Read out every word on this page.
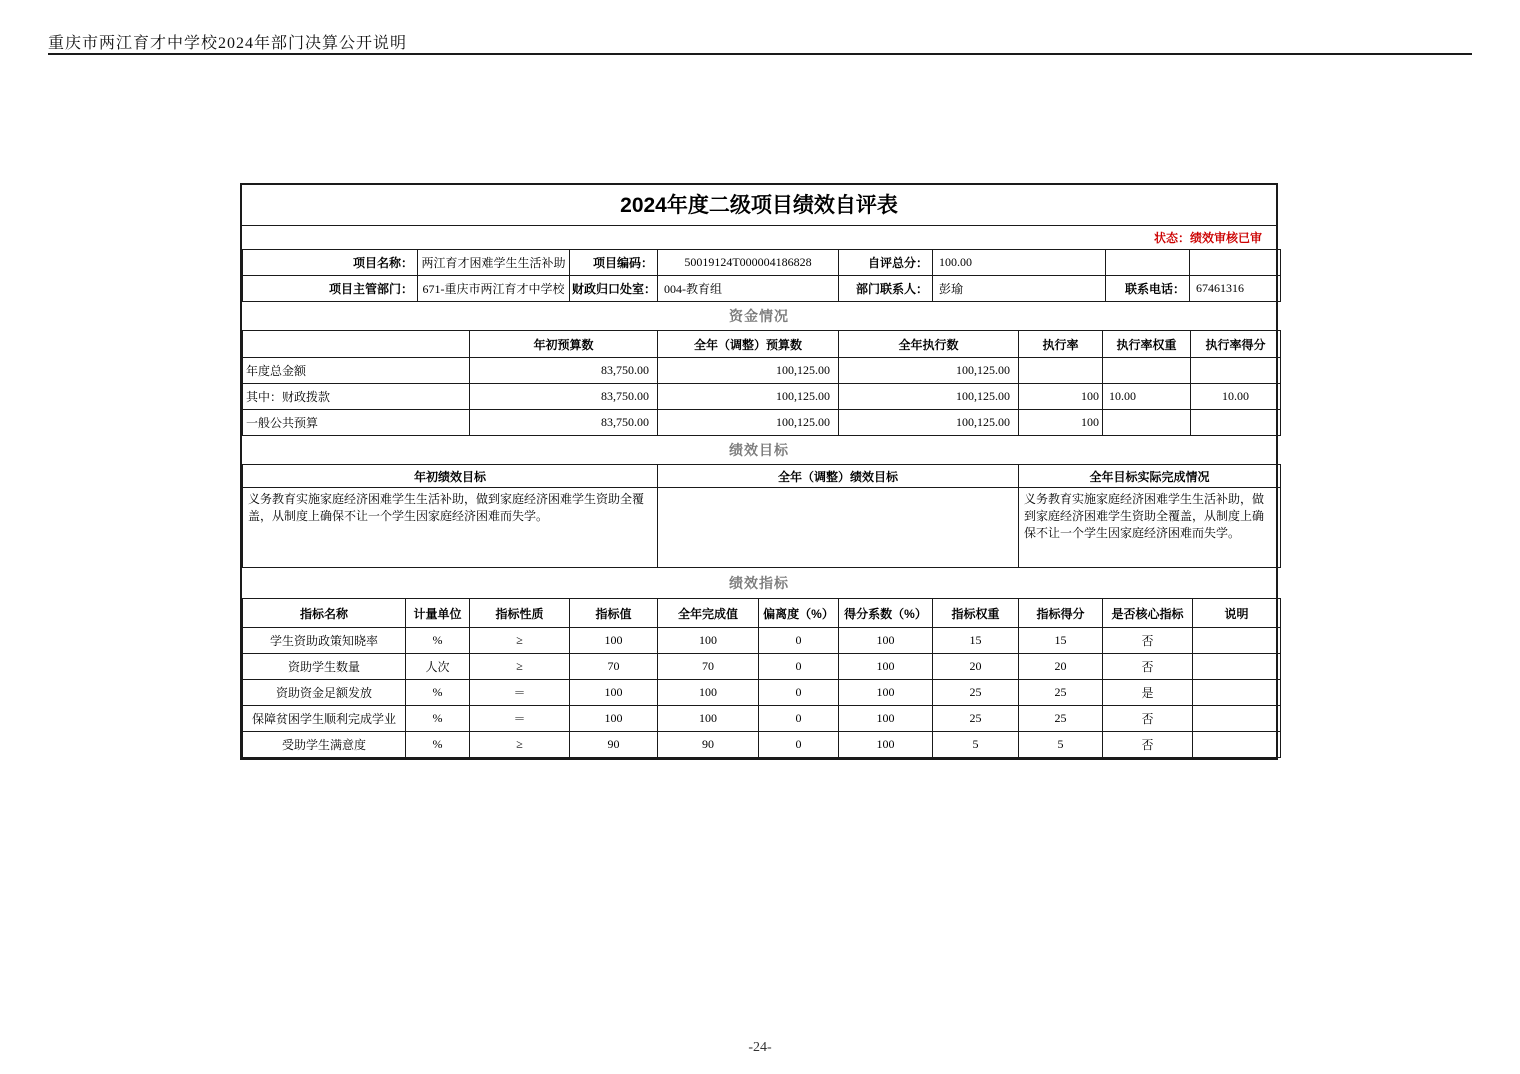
重庆市两江育才中学校2024年部门决算公开说明
2024年度二级项目绩效自评表
状态：绩效审核已审
项目名称：	两江育才困难学生生活补助	项目编码：	50019124T000004186828	自评总分：	100.00		
项目主管部门：	671-重庆市两江育才中学校	财政归口处室：	004-教育组	部门联系人：	彭瑜	联系电话：	67461316
资金情况
	年初预算数	全年（调整）预算数	全年执行数	执行率	执行率权重	执行率得分
年度总金额	83,750.00	100,125.00	100,125.00			
其中：财政拨款	83,750.00	100,125.00	100,125.00	100	10.00	10.00
一般公共预算	83,750.00	100,125.00	100,125.00	100		
绩效目标
年初绩效目标	全年（调整）绩效目标	全年目标实际完成情况
义务教育实施家庭经济困难学生生活补助，做到家庭经济困难学生资助全覆盖，从制度上确保不让一个学生因家庭经济困难而失学。		义务教育实施家庭经济困难学生生活补助，做到家庭经济困难学生资助全覆盖，从制度上确保不让一个学生因家庭经济困难而失学。
绩效指标
指标名称	计量单位	指标性质	指标值	全年完成值	偏离度（%）	得分系数（%）	指标权重	指标得分	是否核心指标	说明
学生资助政策知晓率	%	≥	100	100	0	100	15	15	否	
资助学生数量	人次	≥	70	70	0	100	20	20	否	
资助资金足额发放	%	＝	100	100	0	100	25	25	是	
保障贫困学生顺利完成学业	%	＝	100	100	0	100	25	25	否	
受助学生满意度	%	≥	90	90	0	100	5	5	否	
-24-
